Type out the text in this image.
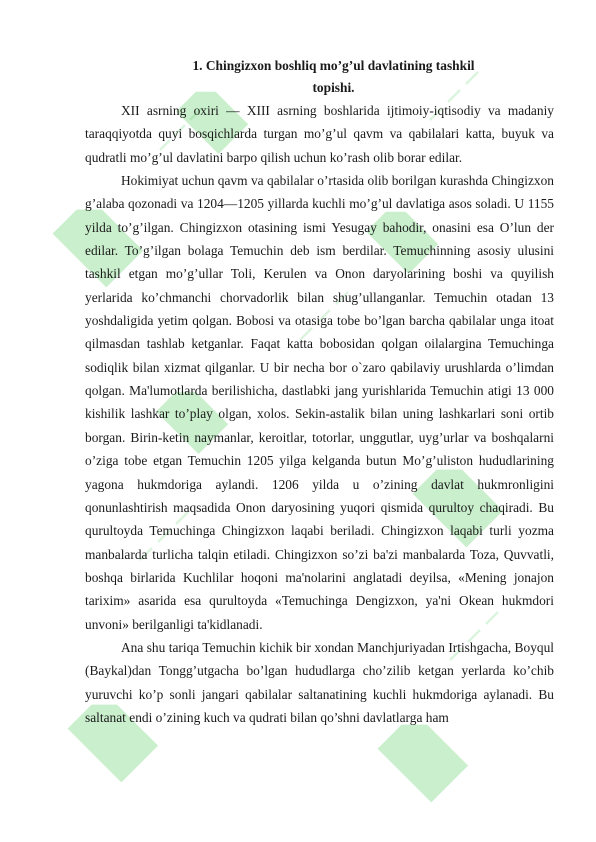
1. Chingizxon boshliq mo’g’ul davlatining tashkil
topishi.

XII asrning oxiri — XIII asrning boshlarida ijtimoiy-iqtisodiy va madaniy taraqqiyotda quyi bosqichlarda turgan mo’g’ul qavm va qabilalari katta, buyuk va qudratli mo’g’ul davlatini barpo qilish uchun ko’rash olib borar edilar.

Hokimiyat uchun qavm va qabilalar o’rtasida olib borilgan kurashda Chingizxon g’alaba qozonadi va 1204—1205 yillarda kuchli mo’g’ul davlatiga asos soladi. U 1155 yilda to’g’ilgan. Chingizxon otasining ismi Yesugay bahodir, onasini esa O’lun der edilar. To’g’ilgan bolaga Temuchin deb ism berdilar. Temuchinning asosiy ulusini tashkil etgan mo’g’ullar Toli, Kerulen va Onon daryolarining boshi va quyilish yerlarida ko’chmanchi chorvadorlik bilan shug’ullanganlar. Temuchin otadan 13 yoshdaligida yetim qolgan. Bobosi va otasiga tobe bo’lgan barcha qabilalar unga itoat qilmasdan tashlab ketganlar. Faqat katta bobosidan qolgan oilalargina Temuchinga sodiqlik bilan xizmat qilganlar. U bir necha bor o`zaro qabilaviy urushlarda o’limdan qolgan. Ma'lumotlarda berilishicha, dastlabki jang yurishlarida Temuchin atigi 13 000 kishilik lashkar to’play olgan, xolos. Sekin-astalik bilan uning lashkarlari soni ortib borgan. Birin-ketin naymanlar, keroitlar, totorlar, unggutlar, uyg’urlar va boshqalarni o’ziga tobe etgan Temuchin 1205 yilga kelganda butun Mo’g’uliston hududlarining yagona hukmdoriga aylandi. 1206 yilda u o’zining davlat hukmronligini qonunlashtirish maqsadida Onon daryosining yuqori qismida qurultoy chaqiradi. Bu qurultoyda Temuchinga Chingizxon laqabi beriladi. Chingizxon laqabi turli yozma manbalarda turlicha talqin etiladi. Chingizxon so’zi ba'zi manbalarda Toza, Quvvatli, boshqa birlarida Kuchlilar hoqoni ma'nolarini anglatadi deyilsa, «Mening jonajon tarixim» asarida esa qurultoyda «Temuchinga Dengizxon, ya'ni Okean hukmdori unvoni» berilganligi ta'kidlanadi.

Ana shu tariqa Temuchin kichik bir xondan Manchjuriyadan Irtishgacha, Boyqul (Baykal)dan Tongg’utgacha bo’lgan hududlarga cho’zilib ketgan yerlarda ko’chib yuruvchi ko’p sonli jangari qabilalar saltanatining kuchli hukmdoriga aylanadi. Bu saltanat endi o’zining kuch va qudrati bilan qo’shni davlatlarga ham
